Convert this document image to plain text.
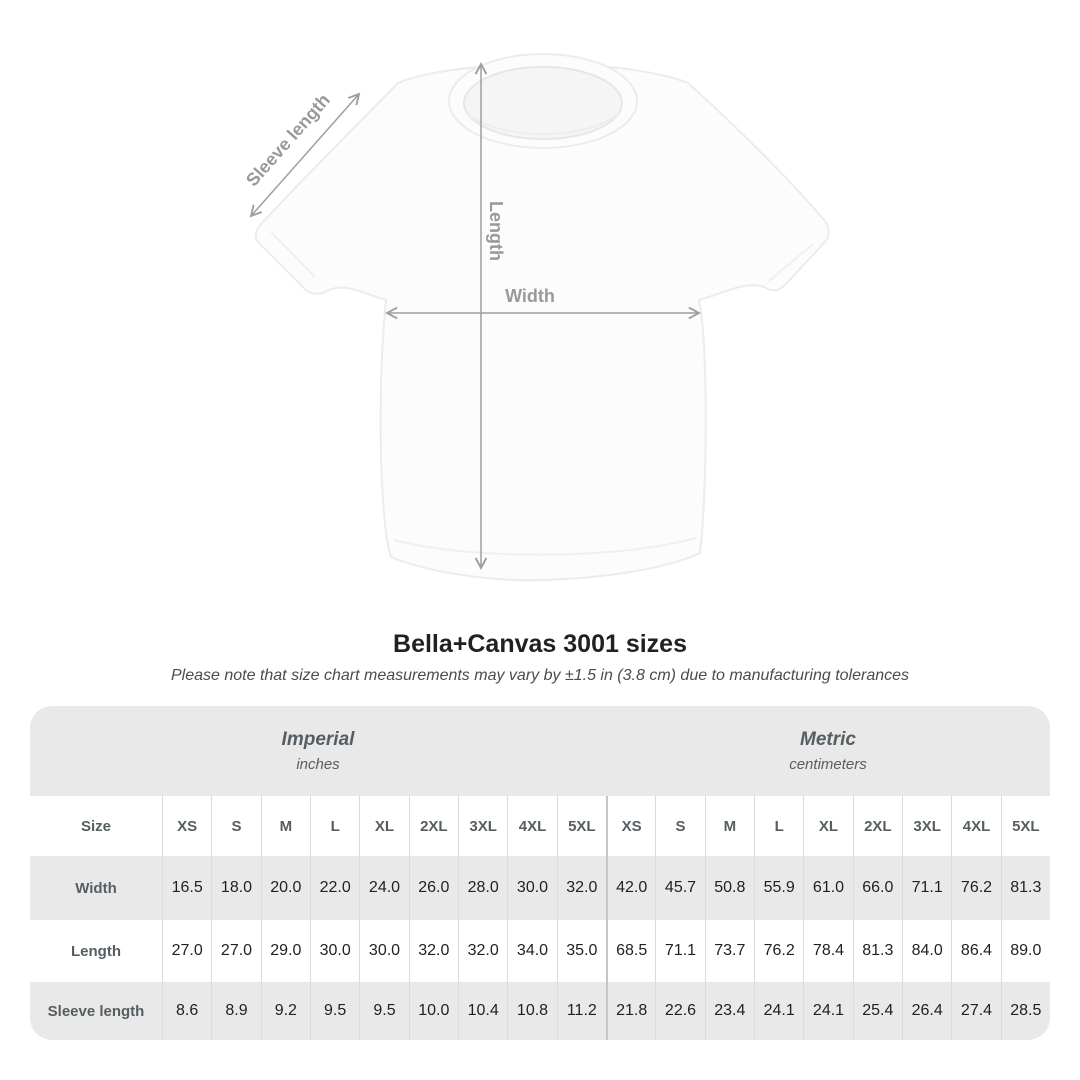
Sleeve length
Length
Width
Bella+Canvas 3001 sizes
Please note that size chart measurements may vary by ±1.5 in (3.8 cm) due to manufacturing tolerances
Imperial
inches
Metric
centimeters
Size	XS	S	M	L	XL	2XL	3XL	4XL	5XL	XS	S	M	L	XL	2XL	3XL	4XL	5XL
Width	16.5	18.0	20.0	22.0	24.0	26.0	28.0	30.0	32.0	42.0	45.7	50.8	55.9	61.0	66.0	71.1	76.2	81.3
Length	27.0	27.0	29.0	30.0	30.0	32.0	32.0	34.0	35.0	68.5	71.1	73.7	76.2	78.4	81.3	84.0	86.4	89.0
Sleeve length	8.6	8.9	9.2	9.5	9.5	10.0	10.4	10.8	11.2	21.8	22.6	23.4	24.1	24.1	25.4	26.4	27.4	28.5
